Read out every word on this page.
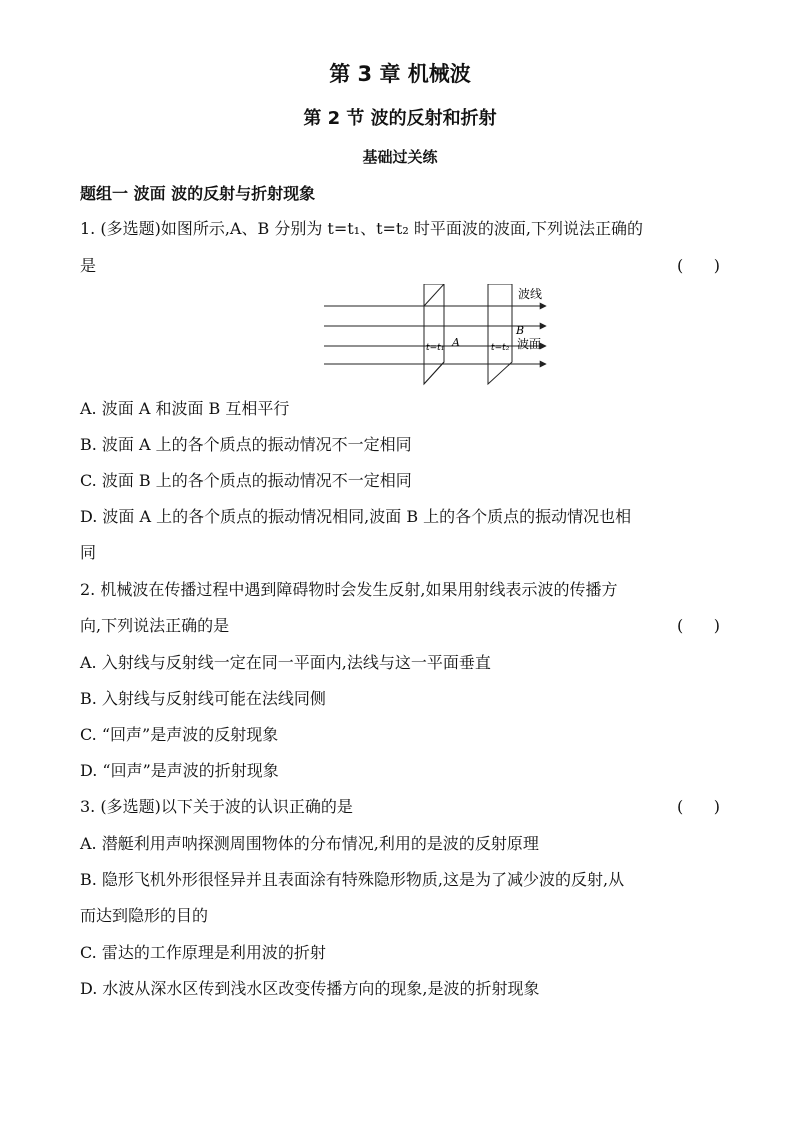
第 3 章 机械波
第 2 节 波的反射和折射
基础过关练
题组一 波面 波的反射与折射现象
1. (多选题)如图所示,A、B 分别为 t=t₁、t=t₂ 时平面波的波面,下列说法正确的
是	(      )
波线
波面
A
B
t=t₁	t=t₂
A. 波面 A 和波面 B 互相平行
B. 波面 A 上的各个质点的振动情况不一定相同
C. 波面 B 上的各个质点的振动情况不一定相同
D. 波面 A 上的各个质点的振动情况相同,波面 B 上的各个质点的振动情况也相
同
2. 机械波在传播过程中遇到障碍物时会发生反射,如果用射线表示波的传播方
向,下列说法正确的是	(      )
A. 入射线与反射线一定在同一平面内,法线与这一平面垂直
B. 入射线与反射线可能在法线同侧
C. “回声”是声波的反射现象
D. “回声”是声波的折射现象
3. (多选题)以下关于波的认识正确的是	(      )
A. 潜艇利用声呐探测周围物体的分布情况,利用的是波的反射原理
B. 隐形飞机外形很怪异并且表面涂有特殊隐形物质,这是为了减少波的反射,从
而达到隐形的目的
C. 雷达的工作原理是利用波的折射
D. 水波从深水区传到浅水区改变传播方向的现象,是波的折射现象
